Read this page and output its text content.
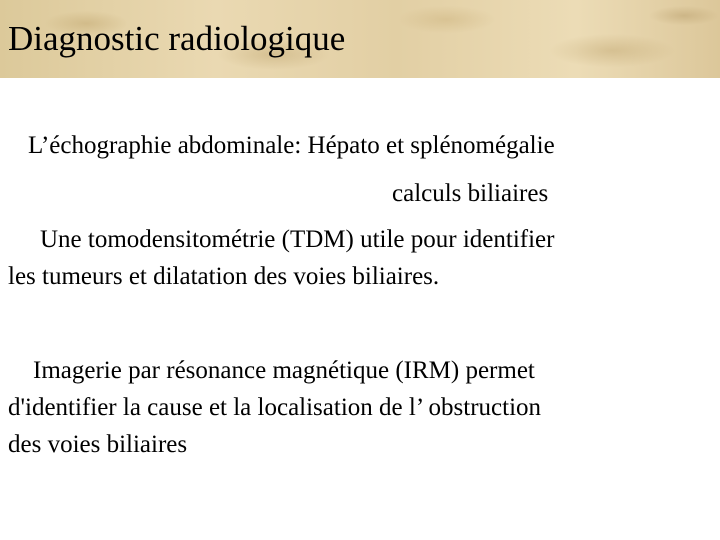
Diagnostic radiologique

L’échographie abdominale: Hépato et splénomégalie

calculs biliaires

Une tomodensitométrie (TDM) utile pour identifier

les tumeurs et dilatation des voies biliaires.

Imagerie par résonance magnétique (IRM) permet

d'identifier la cause et la localisation de l’ obstruction

des voies biliaires
